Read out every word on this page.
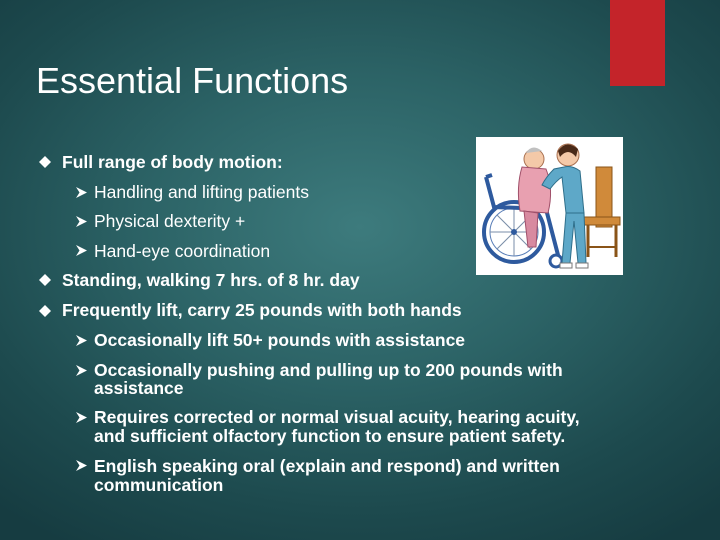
Essential Functions
Full range of body motion:
Handling and lifting patients
Physical dexterity +
Hand-eye coordination
Standing, walking 7 hrs. of 8 hr. day
Frequently lift, carry 25 pounds with both hands
Occasionally lift 50+ pounds with assistance
Occasionally pushing and pulling up to 200 pounds with
assistance
Requires corrected or normal visual acuity, hearing acuity,
and sufficient olfactory function to ensure patient safety.
English speaking oral (explain and respond) and written
communication
